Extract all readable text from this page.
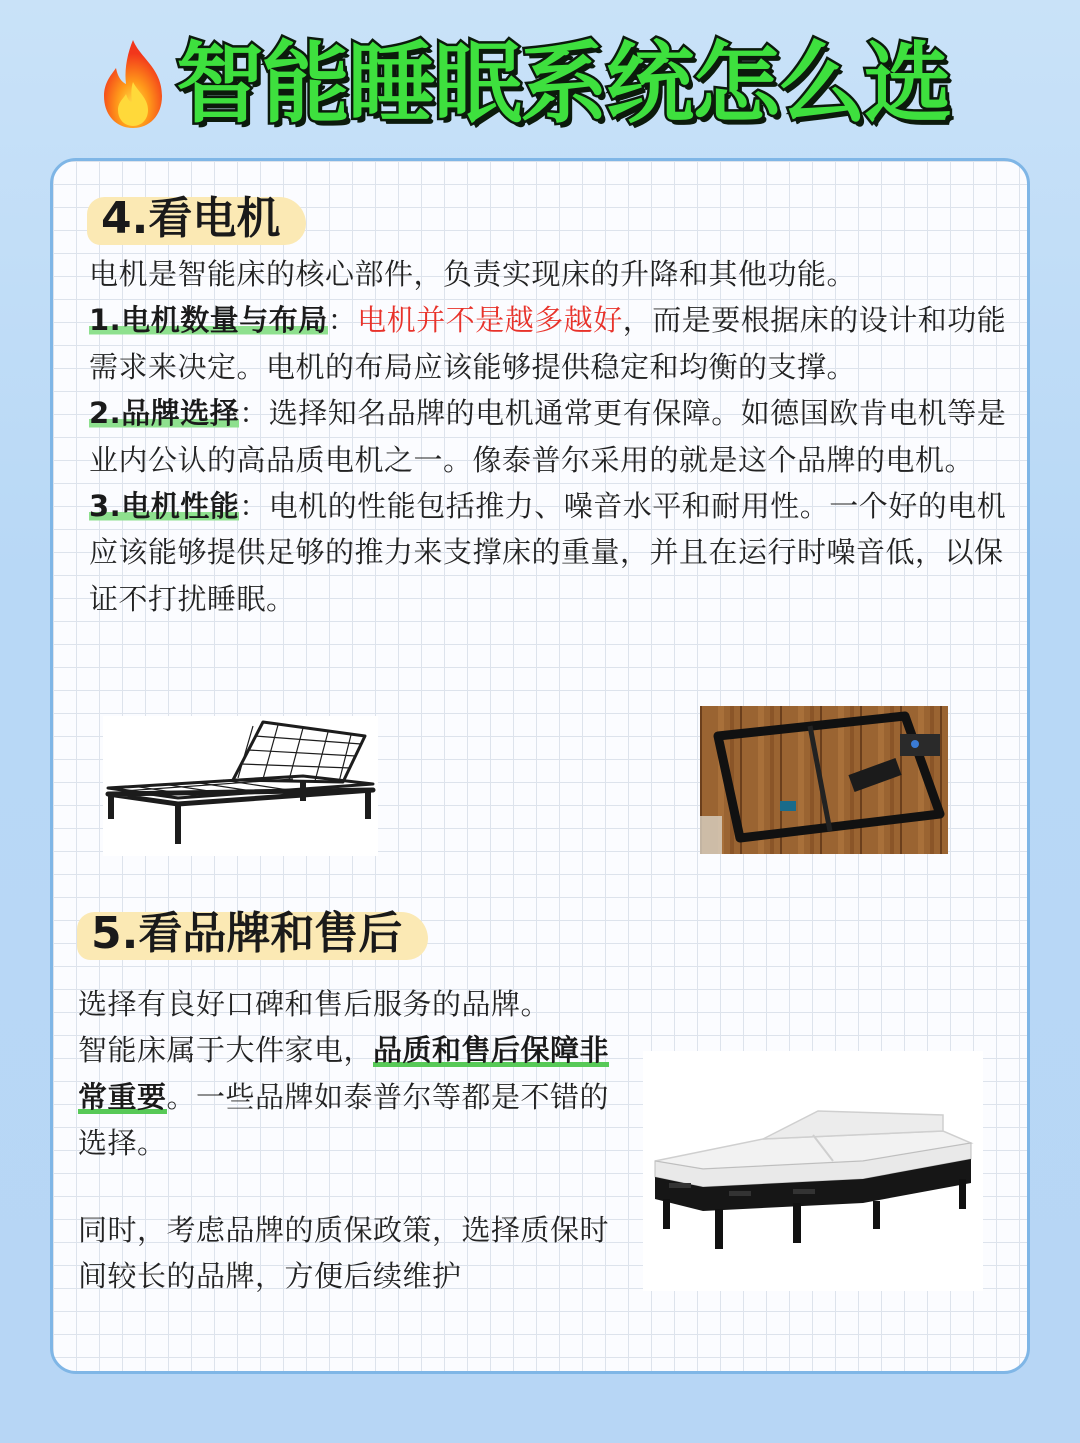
智能睡眠系统怎么选
4.看电机
电机是智能床的核心部件，负责实现床的升降和其他功能。
1.电机数量与布局：电机并不是越多越好，而是要根据床的设计和功能需求来决定。电机的布局应该能够提供稳定和均衡的支撑。
2.品牌选择：选择知名品牌的电机通常更有保障。如德国欧肯电机等是业内公认的高品质电机之一。像泰普尔采用的就是这个品牌的电机。
3.电机性能：电机的性能包括推力、噪音水平和耐用性。一个好的电机应该能够提供足够的推力来支撑床的重量，并且在运行时噪音低，以保证不打扰睡眠。
5.看品牌和售后
选择有良好口碑和售后服务的品牌。
智能床属于大件家电，品质和售后保障非常重要。一些品牌如泰普尔等都是不错的选择。
同时，考虑品牌的质保政策，选择质保时间较长的品牌，方便后续维护
